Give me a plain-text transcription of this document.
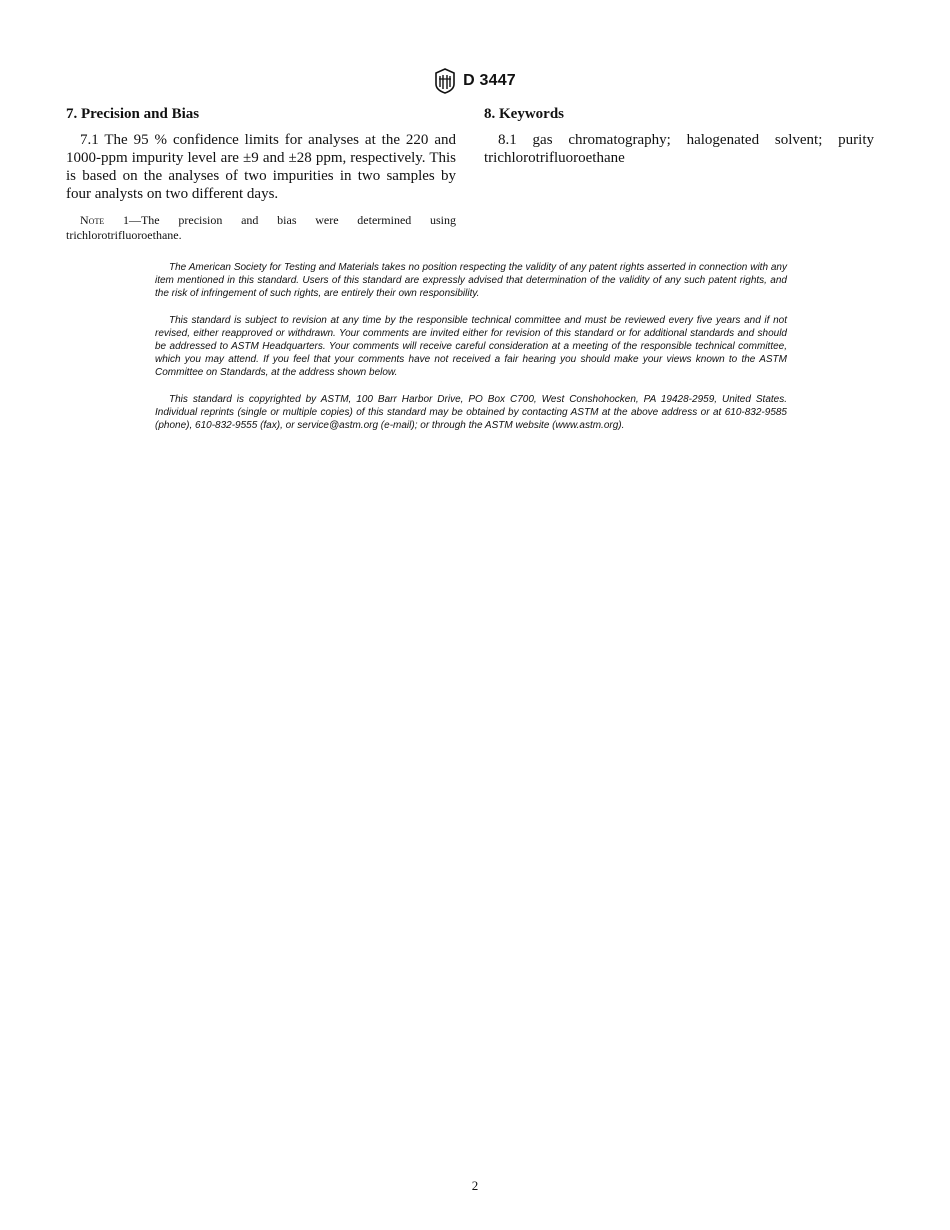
D 3447
7. Precision and Bias

7.1 The 95 % confidence limits for analyses at the 220 and 1000-ppm impurity level are ±9 and ±28 ppm, respectively. This is based on the analyses of two impurities in two samples by four analysts on two different days.

Note 1—The precision and bias were determined using trichlorotrifluoroethane.

8. Keywords

8.1 gas chromatography; halogenated solvent; purity trichlorotrifluoroethane

The American Society for Testing and Materials takes no position respecting the validity of any patent rights asserted in connection with any item mentioned in this standard. Users of this standard are expressly advised that determination of the validity of any such patent rights, and the risk of infringement of such rights, are entirely their own responsibility.

This standard is subject to revision at any time by the responsible technical committee and must be reviewed every five years and if not revised, either reapproved or withdrawn. Your comments are invited either for revision of this standard or for additional standards and should be addressed to ASTM Headquarters. Your comments will receive careful consideration at a meeting of the responsible technical committee, which you may attend. If you feel that your comments have not received a fair hearing you should make your views known to the ASTM Committee on Standards, at the address shown below.

This standard is copyrighted by ASTM, 100 Barr Harbor Drive, PO Box C700, West Conshohocken, PA 19428-2959, United States. Individual reprints (single or multiple copies) of this standard may be obtained by contacting ASTM at the above address or at 610-832-9585 (phone), 610-832-9555 (fax), or service@astm.org (e-mail); or through the ASTM website (www.astm.org).

2
